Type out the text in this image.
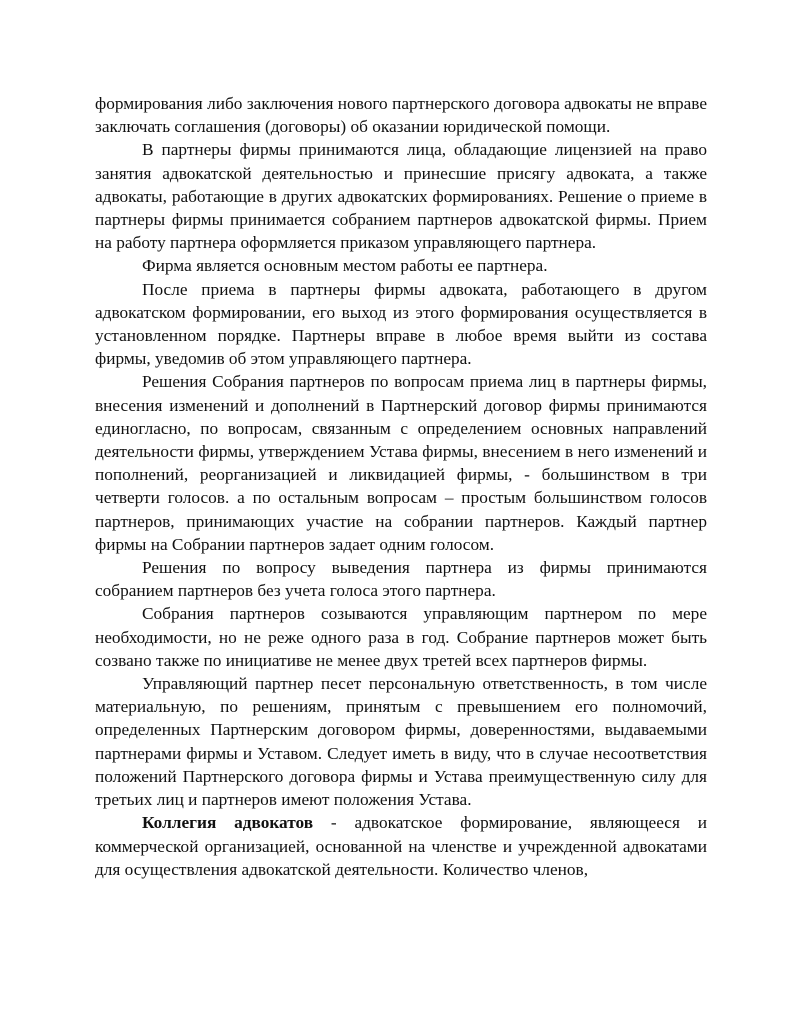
формирования либо заключения нового партнерского договора адвокаты не вправе заключать соглашения (договоры) об оказании юридической помощи.

В партнеры фирмы принимаются лица, обладающие лицензией на право занятия адвокатской деятельностью и принесшие присягу адвоката, а также адвокаты, работающие в других адвокатских формированиях. Решение о приеме в партнеры фирмы принимается собранием партнеров адвокатской фирмы. Прием на работу партнера оформляется приказом управляющего партнера.

Фирма является основным местом работы ее партнера.

После приема в партнеры фирмы адвоката, работающего в другом адвокатском формировании, его выход из этого формирования осуществляется в установленном порядке. Партнеры вправе в любое время выйти из состава фирмы, уведомив об этом управляющего партнера.

Решения Собрания партнеров по вопросам приема лиц в партнеры фирмы, внесения изменений и дополнений в Партнерский договор фирмы принимаются единогласно, по вопросам, связанным с определением основных направлений деятельности фирмы, утверждением Устава фирмы, внесением в него изменений и пополнений, реорганизацией и ликвидацией фирмы, - большинством в три четверти голосов. а по остальным вопросам – простым большинством голосов партнеров, принимающих участие на собрании партнеров. Каждый партнер фирмы на Собрании партнеров задает одним голосом.

Решения по вопросу выведения партнера из фирмы принимаются собранием партнеров без учета голоса этого партнера.

Собрания партнеров созываются управляющим партнером по мере необходимости, но не реже одного раза в год. Собрание партнеров может быть созвано также по инициативе не менее двух третей всех партнеров фирмы.

Управляющий партнер песет персональную ответственность, в том числе материальную, по решениям, принятым с превышением его полномочий, определенных Партнерским договором фирмы, доверенностями, выдаваемыми партнерами фирмы и Уставом. Следует иметь в виду, что в случае несоответствия положений Партнерского договора фирмы и Устава преимущественную силу для третьих лиц и партнеров имеют положения Устава.

Коллегия адвокатов - адвокатское формирование, являющееся и коммерческой организацией, основанной на членстве и учрежденной адвокатами для осуществления адвокатской деятельности. Количество членов,
